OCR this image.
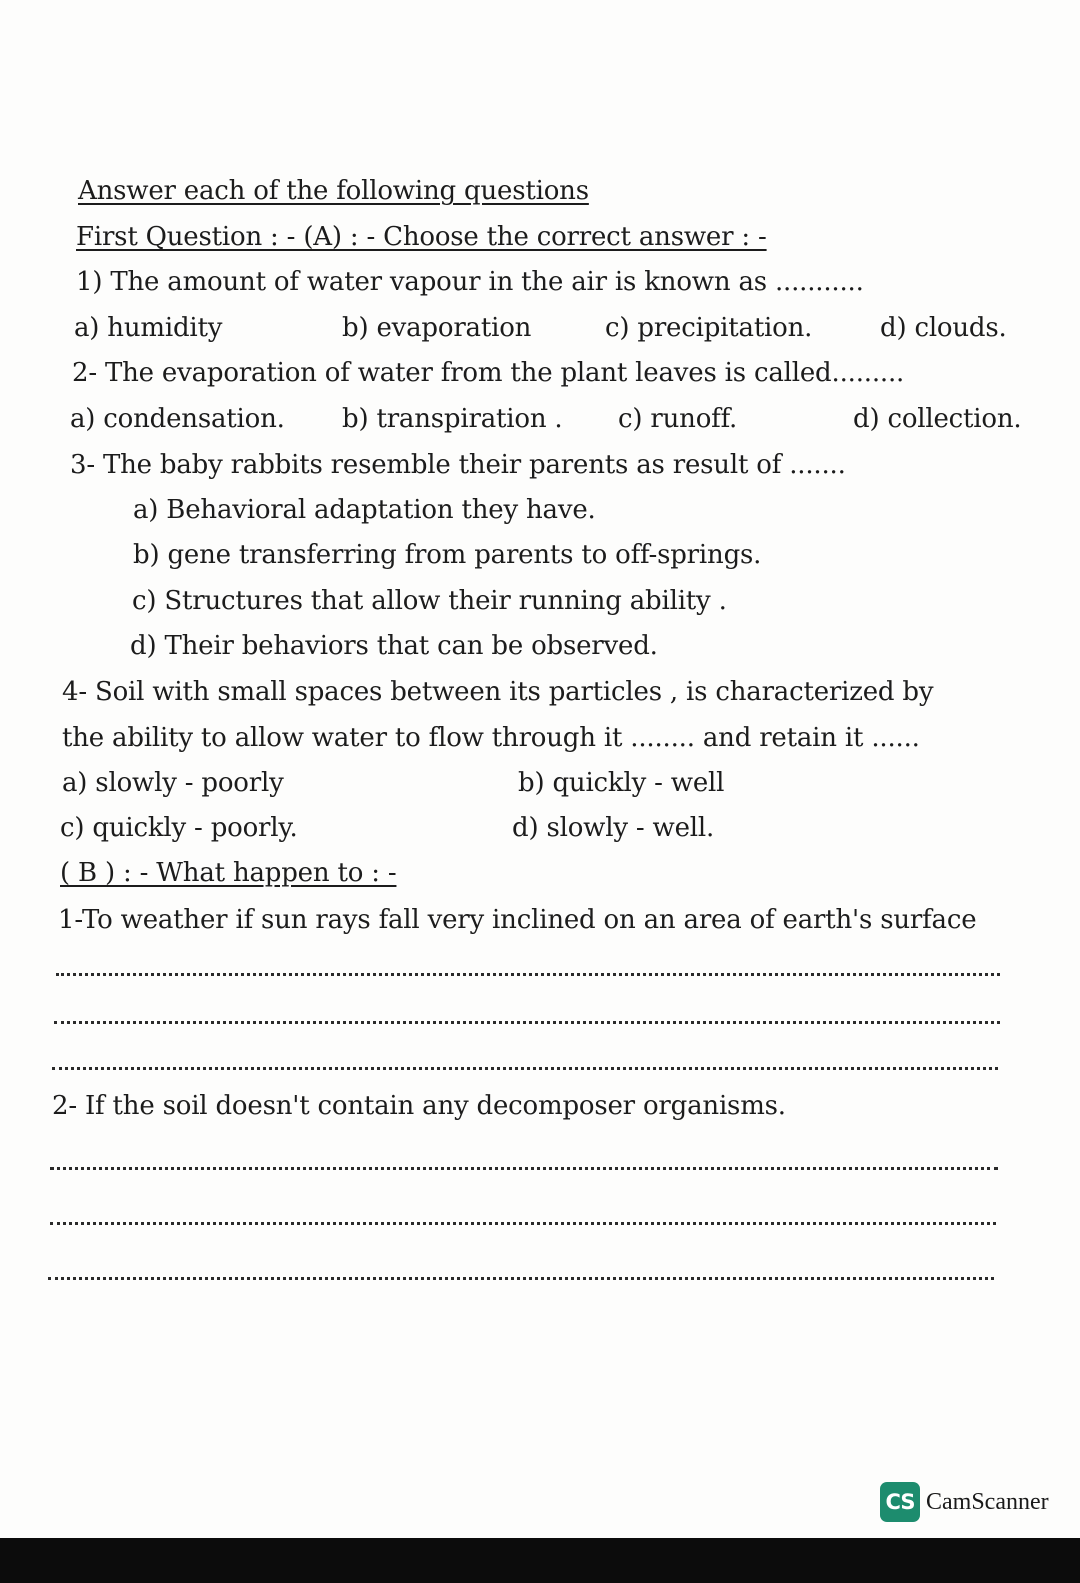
Answer each of the following questions
First Question : - (A) : - Choose the correct answer : -
1) The amount of water vapour in the air is known as ...........
a) humidity	b) evaporation	c) precipitation.	d) clouds.
2- The evaporation of water from the plant leaves is called.........
a) condensation. b) transpiration . c) runoff.	d) collection.
3- The baby rabbits resemble their parents as result of .......
a) Behavioral adaptation they have.
b) gene transferring from parents to off-springs.
c) Structures that allow their running ability .
d) Their behaviors that can be observed.
4- Soil with small spaces between its particles , is characterized by
the ability to allow water to flow through it ........ and retain it ......
a) slowly - poorly	b) quickly - well
c) quickly - poorly.	d) slowly - well.
( B ) : - What happen to : -
1-To weather if sun rays fall very inclined on an area of earth's surface
2- If the soil doesn't contain any decomposer organisms.
CS CamScanner
